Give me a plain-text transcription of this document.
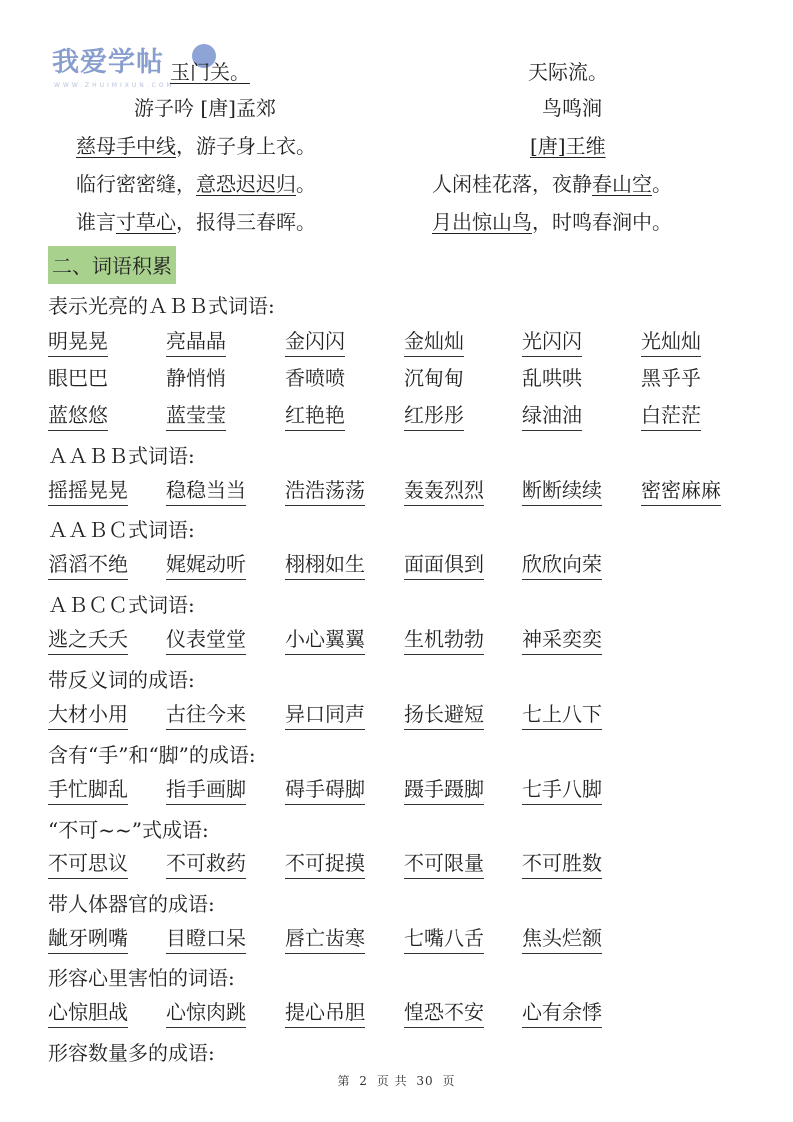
我爱学帖
WWW.ZHUIMIXUN.COM
玉门关。
游子吟 [唐]孟郊
慈母手中线，游子身上衣。
临行密密缝，意恐迟迟归。
谁言寸草心，报得三春晖。
天际流。
鸟鸣涧
[唐]王维
人闲桂花落，夜静春山空。
月出惊山鸟，时鸣春涧中。
二、词语积累
表示光亮的ＡＢＢ式词语:
ＡＡＢＢ式词语:
ＡＡＢＣ式词语:
ＡＢＣＣ式词语:
带反义词的成语:
含有“手”和“脚”的成语:
“不可~~”式成语:
带人体器官的成语:
形容心里害怕的词语:
形容数量多的成语:
明晃晃	亮晶晶	金闪闪	金灿灿	光闪闪	光灿灿
眼巴巴	静悄悄	香喷喷	沉甸甸	乱哄哄	黑乎乎
蓝悠悠	蓝莹莹	红艳艳	红彤彤	绿油油	白茫茫
摇摇晃晃 稳稳当当 浩浩荡荡 轰轰烈烈 断断续续 密密麻麻
滔滔不绝 娓娓动听 栩栩如生 面面俱到 欣欣向荣
逃之夭夭 仪表堂堂 小心翼翼 生机勃勃 神采奕奕
大材小用 古往今来 异口同声 扬长避短 七上八下
手忙脚乱 指手画脚 碍手碍脚 蹑手蹑脚 七手八脚
不可思议 不可救药 不可捉摸 不可限量 不可胜数
龇牙咧嘴 目瞪口呆 唇亡齿寒 七嘴八舌 焦头烂额
心惊胆战 心惊肉跳 提心吊胆 惶恐不安 心有余悸
第 2 页 共 30 页
